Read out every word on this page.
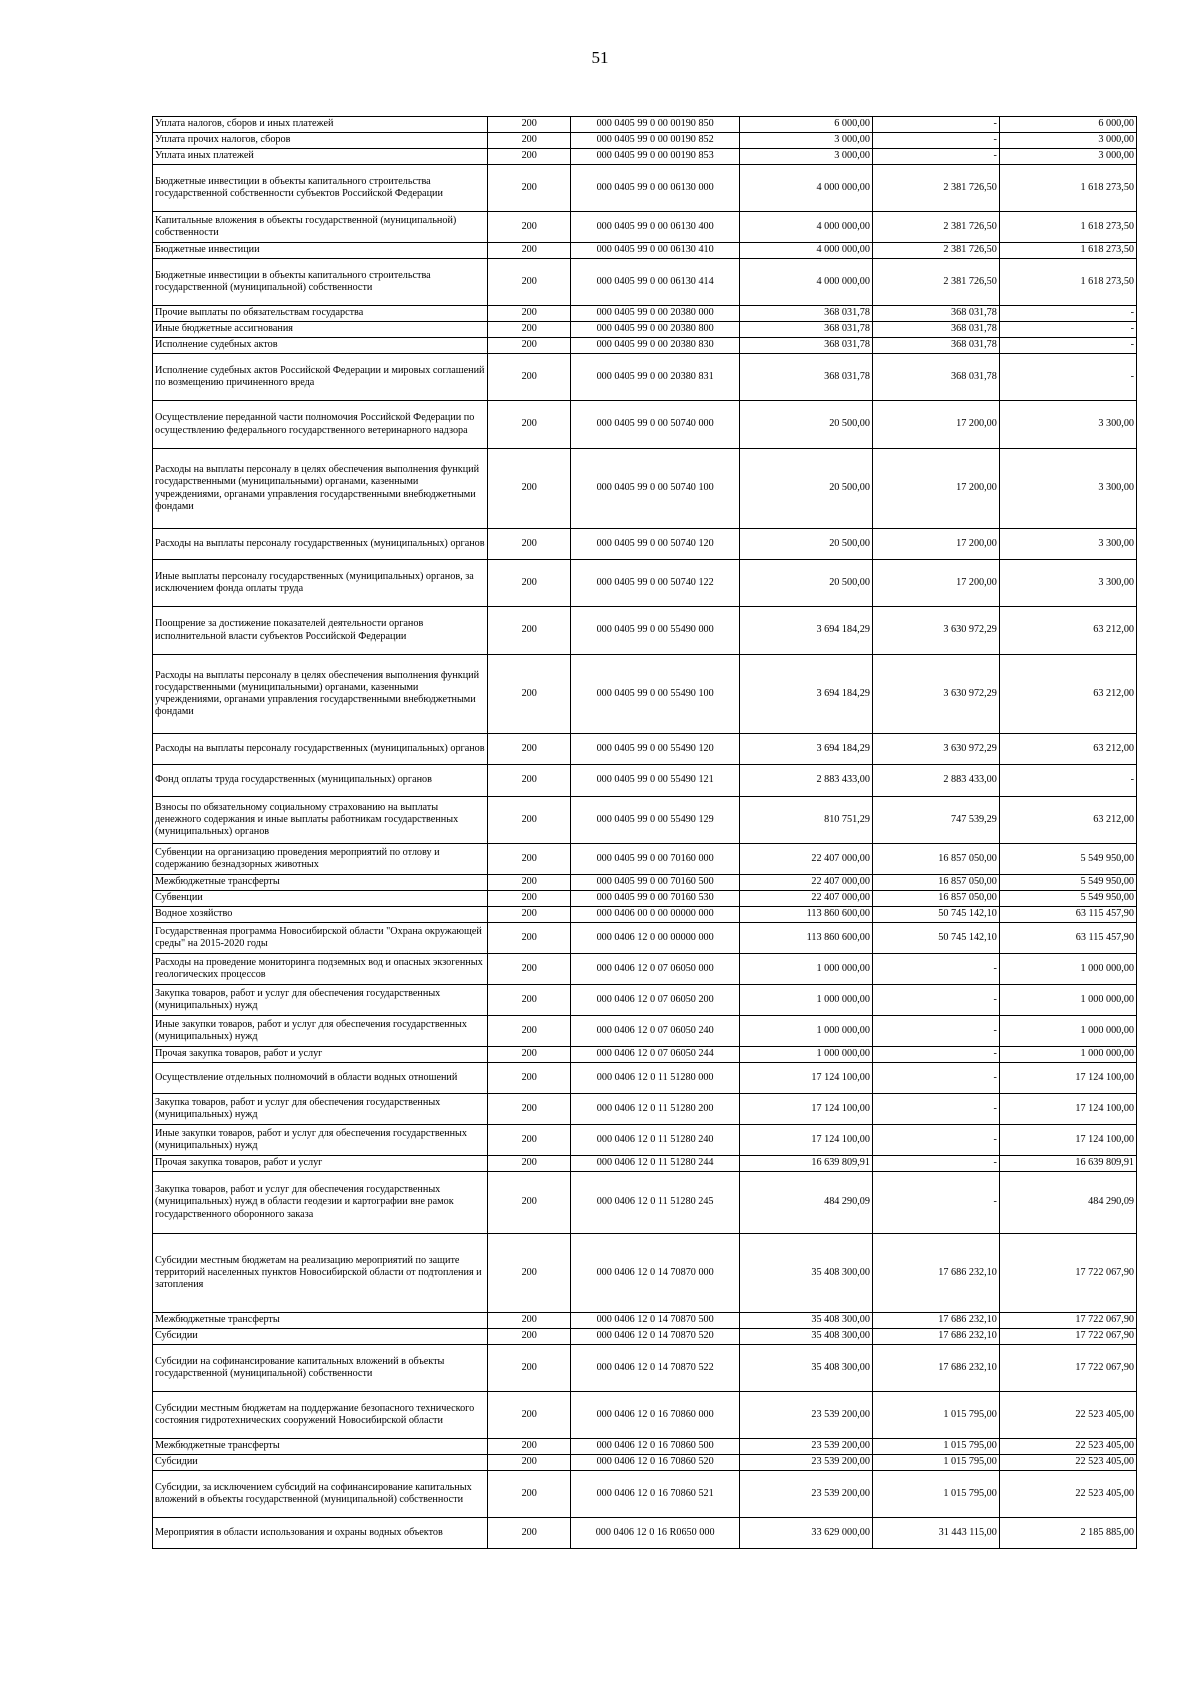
51
Уплата налогов, сборов и иных платежей	200	000 0405 99 0 00 00190 850	6 000,00	-	6 000,00
Уплата прочих налогов, сборов	200	000 0405 99 0 00 00190 852	3 000,00	-	3 000,00
Уплата иных платежей	200	000 0405 99 0 00 00190 853	3 000,00	-	3 000,00
Бюджетные инвестиции в объекты капитального строительства государственной собственности субъектов Российской Федерации	200	000 0405 99 0 00 06130 000	4 000 000,00	2 381 726,50	1 618 273,50
Капитальные вложения в объекты государственной (муниципальной) собственности	200	000 0405 99 0 00 06130 400	4 000 000,00	2 381 726,50	1 618 273,50
Бюджетные инвестиции	200	000 0405 99 0 00 06130 410	4 000 000,00	2 381 726,50	1 618 273,50
Бюджетные инвестиции в объекты капитального строительства государственной (муниципальной) собственности	200	000 0405 99 0 00 06130 414	4 000 000,00	2 381 726,50	1 618 273,50
Прочие выплаты по обязательствам государства	200	000 0405 99 0 00 20380 000	368 031,78	368 031,78	-
Иные бюджетные ассигнования	200	000 0405 99 0 00 20380 800	368 031,78	368 031,78	-
Исполнение судебных актов	200	000 0405 99 0 00 20380 830	368 031,78	368 031,78	-
Исполнение судебных актов Российской Федерации и мировых соглашений по возмещению причиненного вреда	200	000 0405 99 0 00 20380 831	368 031,78	368 031,78	-
Осуществление переданной части полномочия Российской Федерации по осуществлению федерального государственного ветеринарного надзора	200	000 0405 99 0 00 50740 000	20 500,00	17 200,00	3 300,00
Расходы на выплаты персоналу в целях обеспечения выполнения функций государственными (муниципальными) органами, казенными учреждениями, органами управления государственными внебюджетными фондами	200	000 0405 99 0 00 50740 100	20 500,00	17 200,00	3 300,00
Расходы на выплаты персоналу государственных (муниципальных) органов	200	000 0405 99 0 00 50740 120	20 500,00	17 200,00	3 300,00
Иные выплаты персоналу государственных (муниципальных) органов, за исключением фонда оплаты труда	200	000 0405 99 0 00 50740 122	20 500,00	17 200,00	3 300,00
Поощрение за достижение показателей деятельности органов исполнительной власти субъектов Российской Федерации	200	000 0405 99 0 00 55490 000	3 694 184,29	3 630 972,29	63 212,00
Расходы на выплаты персоналу в целях обеспечения выполнения функций государственными (муниципальными) органами, казенными учреждениями, органами управления государственными внебюджетными фондами	200	000 0405 99 0 00 55490 100	3 694 184,29	3 630 972,29	63 212,00
Расходы на выплаты персоналу государственных (муниципальных) органов	200	000 0405 99 0 00 55490 120	3 694 184,29	3 630 972,29	63 212,00
Фонд оплаты труда государственных (муниципальных) органов	200	000 0405 99 0 00 55490 121	2 883 433,00	2 883 433,00	-
Взносы по обязательному социальному страхованию на выплаты денежного содержания и иные выплаты работникам государственных (муниципальных) органов	200	000 0405 99 0 00 55490 129	810 751,29	747 539,29	63 212,00
Субвенции на организацию проведения мероприятий по отлову и содержанию безнадзорных животных	200	000 0405 99 0 00 70160 000	22 407 000,00	16 857 050,00	5 549 950,00
Межбюджетные трансферты	200	000 0405 99 0 00 70160 500	22 407 000,00	16 857 050,00	5 549 950,00
Субвенции	200	000 0405 99 0 00 70160 530	22 407 000,00	16 857 050,00	5 549 950,00
Водное хозяйство	200	000 0406 00 0 00 00000 000	113 860 600,00	50 745 142,10	63 115 457,90
Государственная программа Новосибирской области "Охрана окружающей среды" на 2015-2020 годы	200	000 0406 12 0 00 00000 000	113 860 600,00	50 745 142,10	63 115 457,90
Расходы на проведение мониторинга подземных вод и опасных экзогенных геологических процессов	200	000 0406 12 0 07 06050 000	1 000 000,00	-	1 000 000,00
Закупка товаров, работ и услуг для обеспечения государственных (муниципальных) нужд	200	000 0406 12 0 07 06050 200	1 000 000,00	-	1 000 000,00
Иные закупки товаров, работ и услуг для обеспечения государственных (муниципальных) нужд	200	000 0406 12 0 07 06050 240	1 000 000,00	-	1 000 000,00
Прочая закупка товаров, работ и услуг	200	000 0406 12 0 07 06050 244	1 000 000,00	-	1 000 000,00
Осуществление отдельных полномочий в области водных отношений	200	000 0406 12 0 11 51280 000	17 124 100,00	-	17 124 100,00
Закупка товаров, работ и услуг для обеспечения государственных (муниципальных) нужд	200	000 0406 12 0 11 51280 200	17 124 100,00	-	17 124 100,00
Иные закупки товаров, работ и услуг для обеспечения государственных (муниципальных) нужд	200	000 0406 12 0 11 51280 240	17 124 100,00	-	17 124 100,00
Прочая закупка товаров, работ и услуг	200	000 0406 12 0 11 51280 244	16 639 809,91	-	16 639 809,91
Закупка товаров, работ и услуг для обеспечения государственных (муниципальных) нужд в области геодезии и картографии вне рамок государственного оборонного заказа	200	000 0406 12 0 11 51280 245	484 290,09	-	484 290,09
Субсидии местным бюджетам на реализацию мероприятий по защите территорий населенных пунктов Новосибирской области от подтопления и затопления	200	000 0406 12 0 14 70870 000	35 408 300,00	17 686 232,10	17 722 067,90
Межбюджетные трансферты	200	000 0406 12 0 14 70870 500	35 408 300,00	17 686 232,10	17 722 067,90
Субсидии	200	000 0406 12 0 14 70870 520	35 408 300,00	17 686 232,10	17 722 067,90
Субсидии на софинансирование капитальных вложений в объекты государственной (муниципальной) собственности	200	000 0406 12 0 14 70870 522	35 408 300,00	17 686 232,10	17 722 067,90
Субсидии местным бюджетам на поддержание безопасного технического состояния гидротехнических сооружений Новосибирской области	200	000 0406 12 0 16 70860 000	23 539 200,00	1 015 795,00	22 523 405,00
Межбюджетные трансферты	200	000 0406 12 0 16 70860 500	23 539 200,00	1 015 795,00	22 523 405,00
Субсидии	200	000 0406 12 0 16 70860 520	23 539 200,00	1 015 795,00	22 523 405,00
Субсидии, за исключением субсидий на софинансирование капитальных вложений в объекты государственной (муниципальной) собственности	200	000 0406 12 0 16 70860 521	23 539 200,00	1 015 795,00	22 523 405,00
Мероприятия в области использования и охраны водных объектов	200	000 0406 12 0 16 R0650 000	33 629 000,00	31 443 115,00	2 185 885,00
